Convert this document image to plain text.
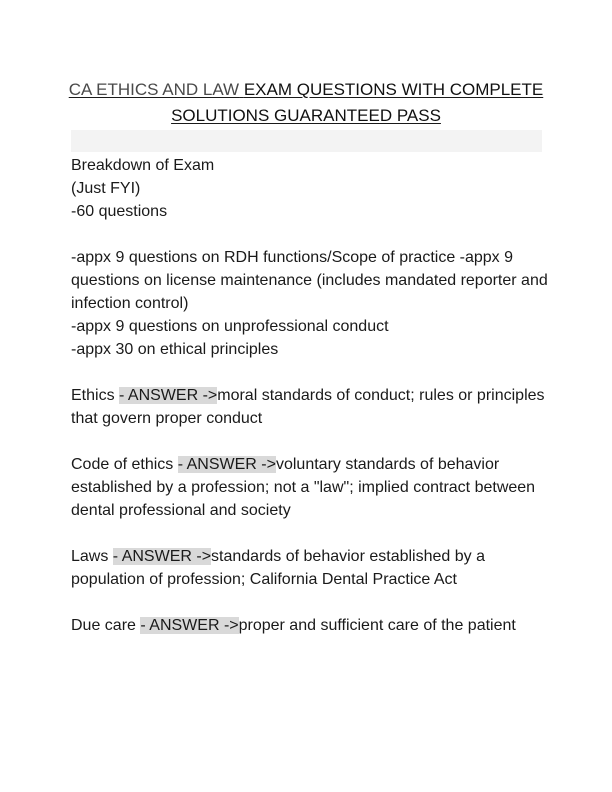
CA ETHICS AND LAW EXAM QUESTIONS WITH COMPLETE SOLUTIONS GUARANTEED PASS

Breakdown of Exam

(Just FYI)

-60 questions

-appx 9 questions on RDH functions/Scope of practice -appx 9 questions on license maintenance (includes mandated reporter and infection control)

-appx 9 questions on unprofessional conduct

-appx 30 on ethical principles

Ethics - ANSWER ->moral standards of conduct; rules or principles that govern proper conduct

Code of ethics - ANSWER ->voluntary standards of behavior established by a profession; not a "law"; implied contract between dental professional and society

Laws - ANSWER ->standards of behavior established by a population of profession; California Dental Practice Act

Due care - ANSWER ->proper and sufficient care of the patient
